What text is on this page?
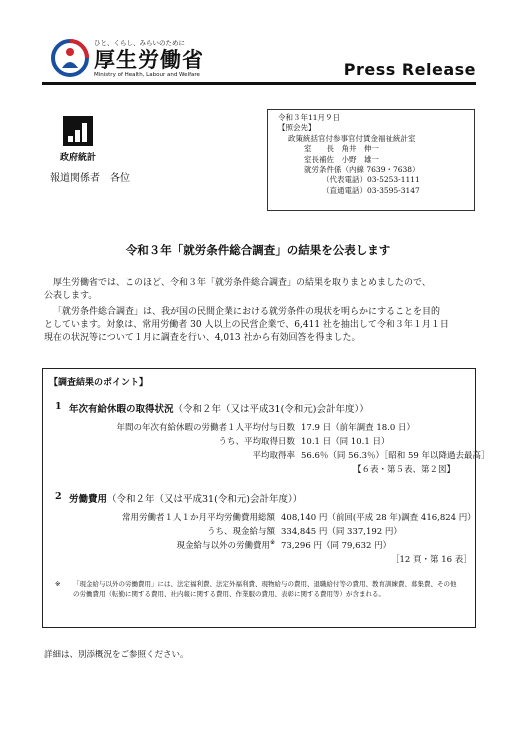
ひと、くらし、みらいのために
厚生労働省
Ministry of Health, Labour and Welfare	Press Release
政府統計
報道関係者　各位
令和３年11月９日
【照会先】
政策統括官付参事官付賃金福祉統計室
室　　長　角井　伸一
室長補佐　小野　雄一
就労条件係（内線 7639・7638）
（代表電話）03-5253-1111
（直通電話）03-3595-3147
令和３年「就労条件総合調査」の結果を公表します
厚生労働省では、このほど、令和３年「就労条件総合調査」の結果を取りまとめましたので、
公表します。
「就労条件総合調査」は、我が国の民間企業における就労条件の現状を明らかにすることを目的
としています。対象は、常用労働者 30 人以上の民営企業で、6,411 社を抽出して令和３年１月１日
現在の状況等について１月に調査を行い、4,013 社から有効回答を得ました。
【調査結果のポイント】
1 年次有給休暇の取得状況（令和２年（又は平成31(令和元)会計年度））
年間の年次有給休暇の労働者１人平均付与日数 17.9 日（前年調査 18.0 日）
うち、平均取得日数 10.1 日（同 10.1 日）
平均取得率 56.6％（同 56.3％）［昭和 59 年以降過去最高］
【６表・第５表、第２図】
2 労働費用（令和２年（又は平成31(令和元)会計年度））
常用労働者１人１か月平均労働費用総額 408,140 円（前回(平成 28 年)調査 416,824 円）
うち、現金給与額 334,845 円（同 337,192 円）
現金給与以外の労働費用※ 73,296 円（同 79,632 円）
［12 頁・第 16 表］
※	「現金給与以外の労働費用」には、法定福利費、法定外福利費、現物給与の費用、退職給付等の費用、教育訓練費、募集費、その他の労働費用（転勤に関する費用、社内報に関する費用、作業服の費用、表彰に関する費用等）が含まれる。
詳細は、別添概況をご参照ください。
